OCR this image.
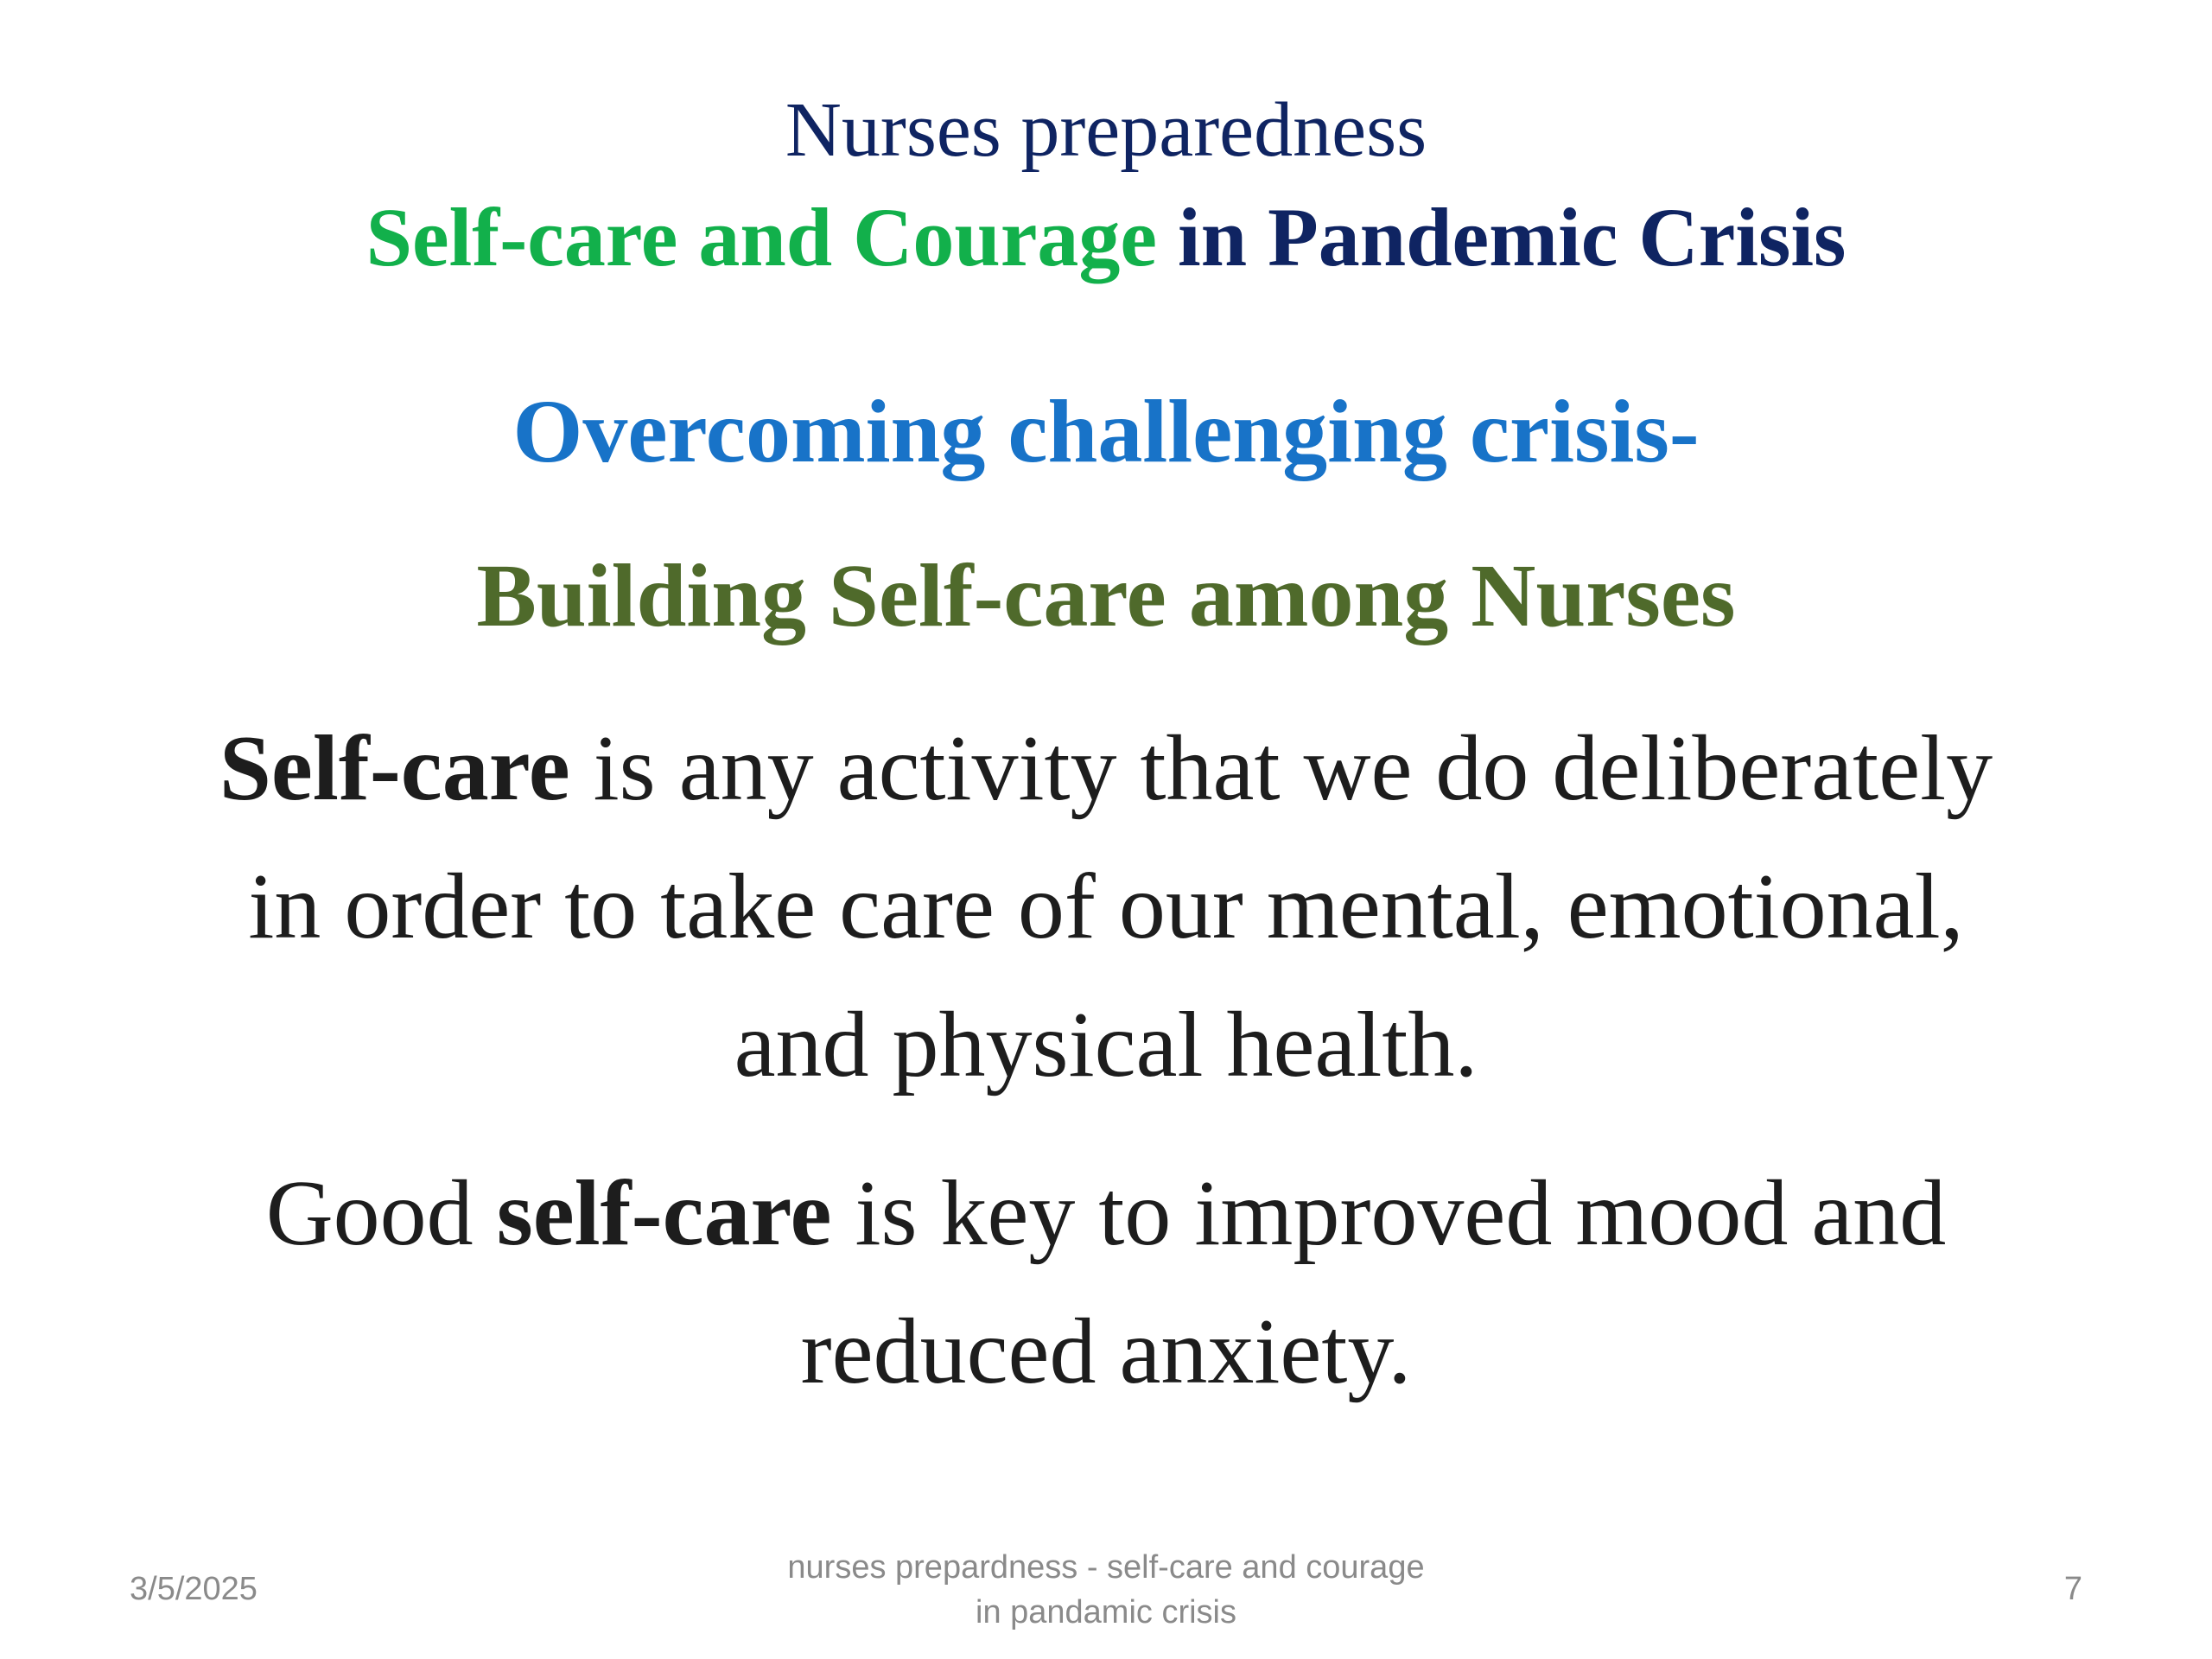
Nurses preparedness
Self-care and Courage in Pandemic Crisis
Overcoming challenging crisis-
Building Self-care among Nurses
Self-care is any activity that we do deliberately
in order to take care of our mental, emotional,
and physical health.
Good self-care is key to improved mood and
reduced anxiety.
3/5/2025
nurses prepardness - self-care and courage
in pandamic crisis
7
